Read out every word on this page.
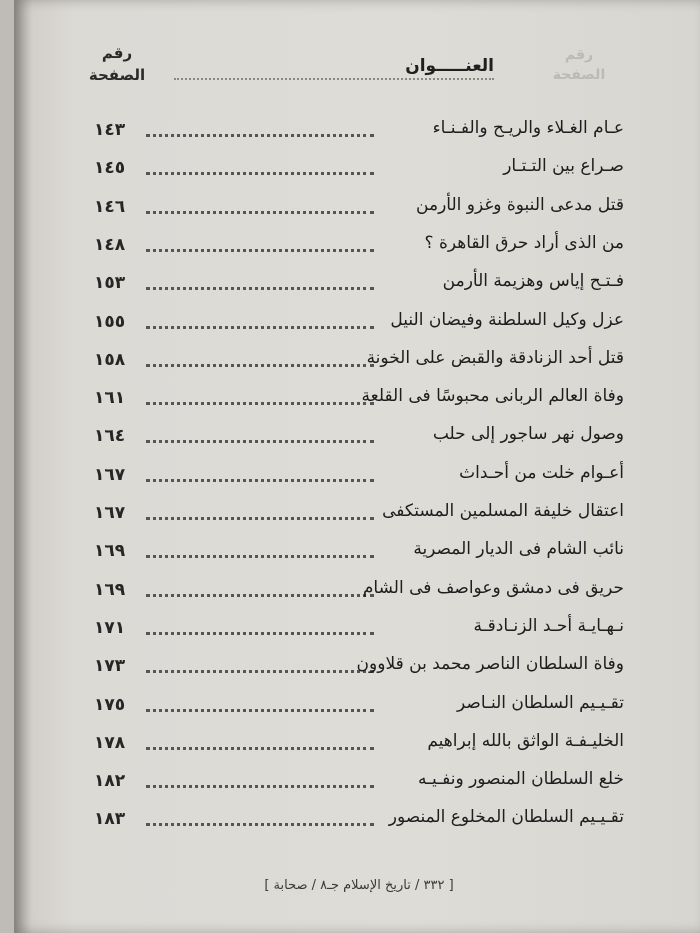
رقم الصفحة
رقم الصفحة	العنـــــوان
١٤٣	عـام الغـلاء والريـح والفـنـاء
١٤٥	صـراع بين التـتـار
١٤٦	قتل مدعى النبوة وغزو الأرمن
١٤٨	من الذى أراد حرق القاهرة ؟
١٥٣	فـتـح إياس وهزيمة الأرمن
١٥٥	عزل وكيل السلطنة وفيضان النيل
١٥٨	قتل أحد الزنادقة والقبض على الخونة
١٦١	وفاة العالم الربانى محبوسًا فى القلعة
١٦٤	وصول نهر ساجور إلى حلب
١٦٧	أعـوام خلت من أحـداث
١٦٧	اعتقال خليفة المسلمين المستكفى
١٦٩	نائب الشام فى الديار المصرية
١٦٩	حريق فى دمشق وعواصف فى الشام
١٧١	نـهـايـة أحـد الزنـادقـة
١٧٣	وفاة السلطان الناصر محمد بن قلاوون
١٧٥	تقـيـيم السلطان النـاصر
١٧٨	الخليـفـة الواثق بالله إبراهيم
١٨٢	خلع السلطان المنصور ونفـيـه
١٨٣	تقـيـيم السلطان المخلوع المنصور
[ ٣٣٢ / تاريخ الإسلام جـ٨ / صحابة ]
